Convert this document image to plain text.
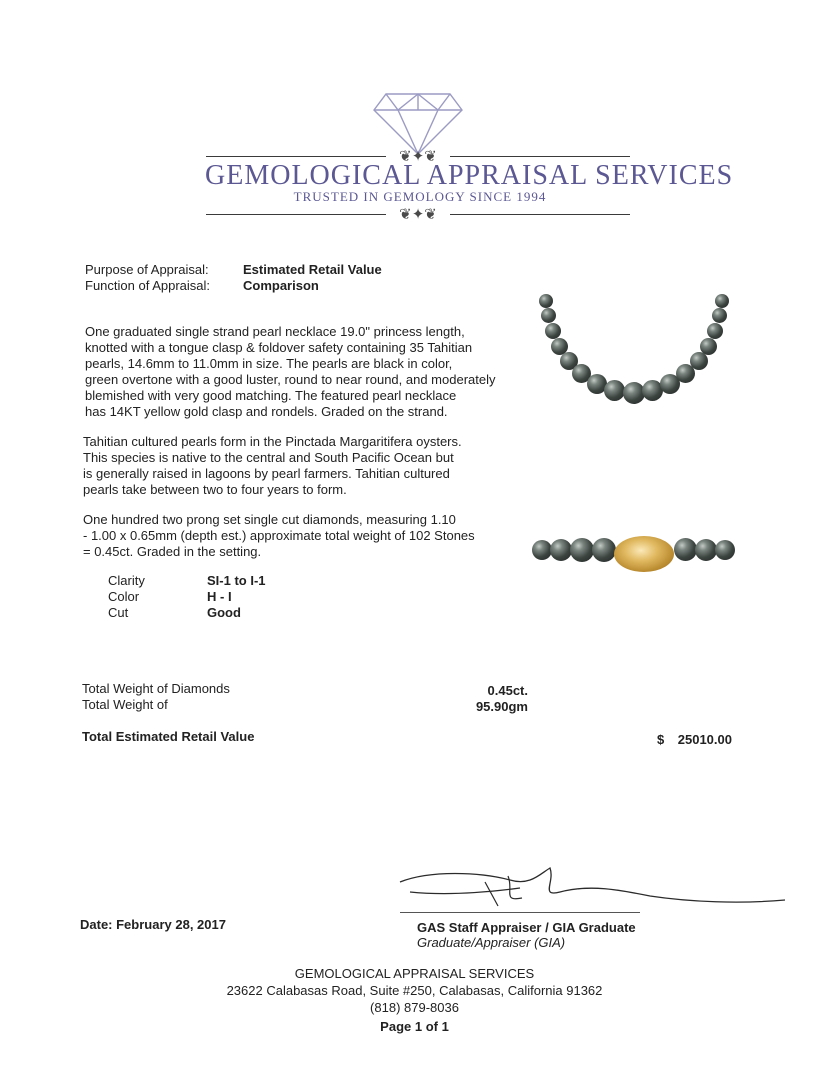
❦✦❦
GEMOLOGICAL APPRAISAL SERVICES
TRUSTED IN GEMOLOGY SINCE 1994
❦✦❦
Purpose of Appraisal:	Estimated Retail Value
Function of Appraisal:	Comparison
One graduated single strand pearl necklace 19.0" princess length,
knotted with a tongue clasp & foldover safety containing 35 Tahitian
pearls, 14.6mm to 11.0mm in size. The pearls are black in color,
green overtone with a good luster, round to near round, and moderately
blemished with very good matching. The featured pearl necklace
has 14KT yellow gold clasp and rondels. Graded on the strand.
Tahitian cultured pearls form in the Pinctada Margaritifera oysters.
This species is native to the central and South Pacific Ocean but
is generally raised in lagoons by pearl farmers. Tahitian cultured
pearls take between two to four years to form.
One hundred two prong set single cut diamonds, measuring 1.10
- 1.00 x 0.65mm (depth est.) approximate total weight of 102 Stones
= 0.45ct. Graded in the setting.
Clarity	SI-1 to I-1
Color	H - I
Cut	Good
Total Weight of Diamonds	0.45ct.
Total Weight of	95.90gm
Total Estimated Retail Value	$	25010.00
Date: February 28, 2017	GAS Staff Appraiser / GIA Graduate
Graduate/Appraiser (GIA)
GEMOLOGICAL APPRAISAL SERVICES
23622 Calabasas Road, Suite #250, Calabasas, California 91362
(818) 879-8036
Page 1 of 1
